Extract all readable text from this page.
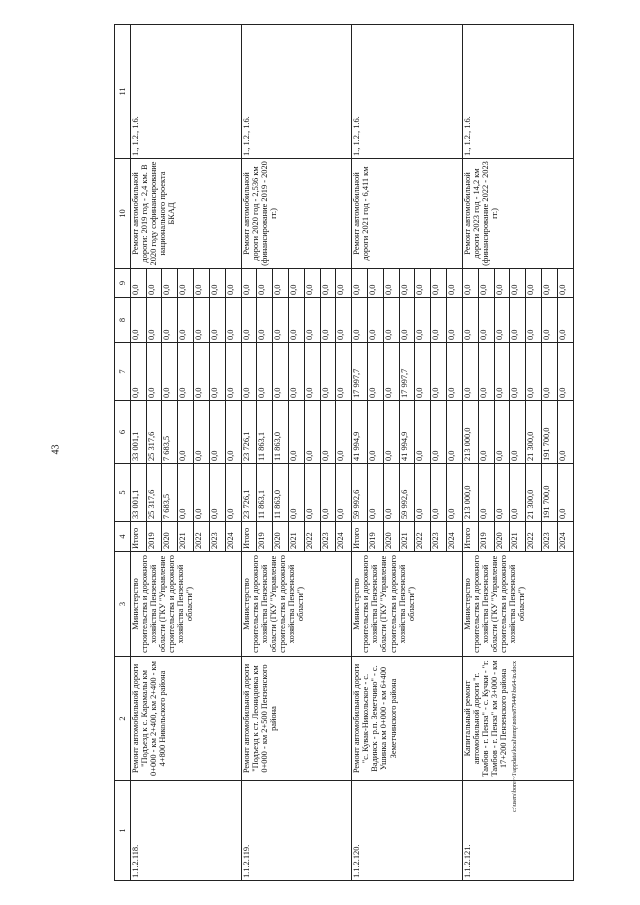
43
c:\users\borel~1\appdata\local\temp\notes879440\bs64-in.docx
1	2	3	4	5	6	7	8	9	10	11
1.1.2.118.	Ремонт автомобильной дороги "Подъезд к с. Карамалы км 0+000 - км 2+400, км 2+400 - км 4+800 Никольского района	Министерство строительства и дорожного хозяйства Пензенской области (ГКУ "Управление строительства и дорожного хозяйства Пензенской области")	Итого	33 001,1	33 001,1	0,0	0,0	0,0	Ремонт автомобильной дороги: 2019 год - 2,4 км. В 2020 году софинансирование национального проекта БКАД	1., 1.2., 1.6.
			2019	25 317,6	25 317,6	0,0	0,0	0,0		
			2020	7 683,5	7 683,5	0,0	0,0	0,0		
			2021	0,0	0,0	0,0	0,0	0,0		
			2022	0,0	0,0	0,0	0,0	0,0		
			2023	0,0	0,0	0,0	0,0	0,0		
			2024	0,0	0,0	0,0	0,0	0,0		
1.1.2.119.	Ремонт автомобильной дороги "Подъезд к ст. Леонидовка км 0+000 - км 2+500 Пензенского района	Министерство строительства и дорожного хозяйства Пензенской области (ГКУ "Управление строительства и дорожного хозяйства Пензенской области")	Итого	23 726,1	23 726,1	0,0	0,0	0,0	Ремонт автомобильной дороги 2020 год - 2,536 км (финансирование 2019 - 2020 гг.)	1., 1.2., 1.6.
			2019	11 863,1	11 863,1	0,0	0,0	0,0		
			2020	11 863,0	11 863,0	0,0	0,0	0,0		
			2021	0,0	0,0	0,0	0,0	0,0		
			2022	0,0	0,0	0,0	0,0	0,0		
			2023	0,0	0,0	0,0	0,0	0,0		
			2024	0,0	0,0	0,0	0,0	0,0		
1.1.2.120.	Ремонт автомобильной дороги "с. Кувак-Никольское - с. Вадинск - р.п. Земетчино" - с. Ушинка км 0+000 - км 6+400 Земетчинского района	Министерство строительства и дорожного хозяйства Пензенской области (ГКУ "Управление строительства и дорожного хозяйства Пензенской области")	Итого	59 992,6	41 994,9	17 997,7	0,0	0,0	Ремонт автомобильной дороги 2021 год - 6,411 км	1., 1.2., 1.6.
			2019	0,0	0,0	0,0	0,0	0,0		
			2020	0,0	0,0	0,0	0,0	0,0		
			2021	59 992,6	41 994,9	17 997,7	0,0	0,0		
			2022	0,0	0,0	0,0	0,0	0,0		
			2023	0,0	0,0	0,0	0,0	0,0		
			2024	0,0	0,0	0,0	0,0	0,0		
1.1.2.121.	Капитальный ремонт автомобильной дороги "г. Тамбов - г. Пенза" - с. Кучки - "г. Тамбов - г. Пенза" км 3+000 - км 17+200 Пензенского района	Министерство строительства и дорожного хозяйства Пензенской области (ГКУ "Управление строительства и дорожного хозяйства Пензенской области")	Итого	213 000,0	213 000,0	0,0	0,0	0,0	Ремонт автомобильной дороги 2023 год - 14,2 км (финансирование 2022 - 2023 гг.)	1., 1.2., 1.6.
			2019	0,0	0,0	0,0	0,0	0,0		
			2020	0,0	0,0	0,0	0,0	0,0		
			2021	0,0	0,0	0,0	0,0	0,0		
			2022	21 300,0	21 300,0	0,0	0,0	0,0		
			2023	191 700,0	191 700,0	0,0	0,0	0,0		
			2024	0,0	0,0	0,0	0,0	0,0		
